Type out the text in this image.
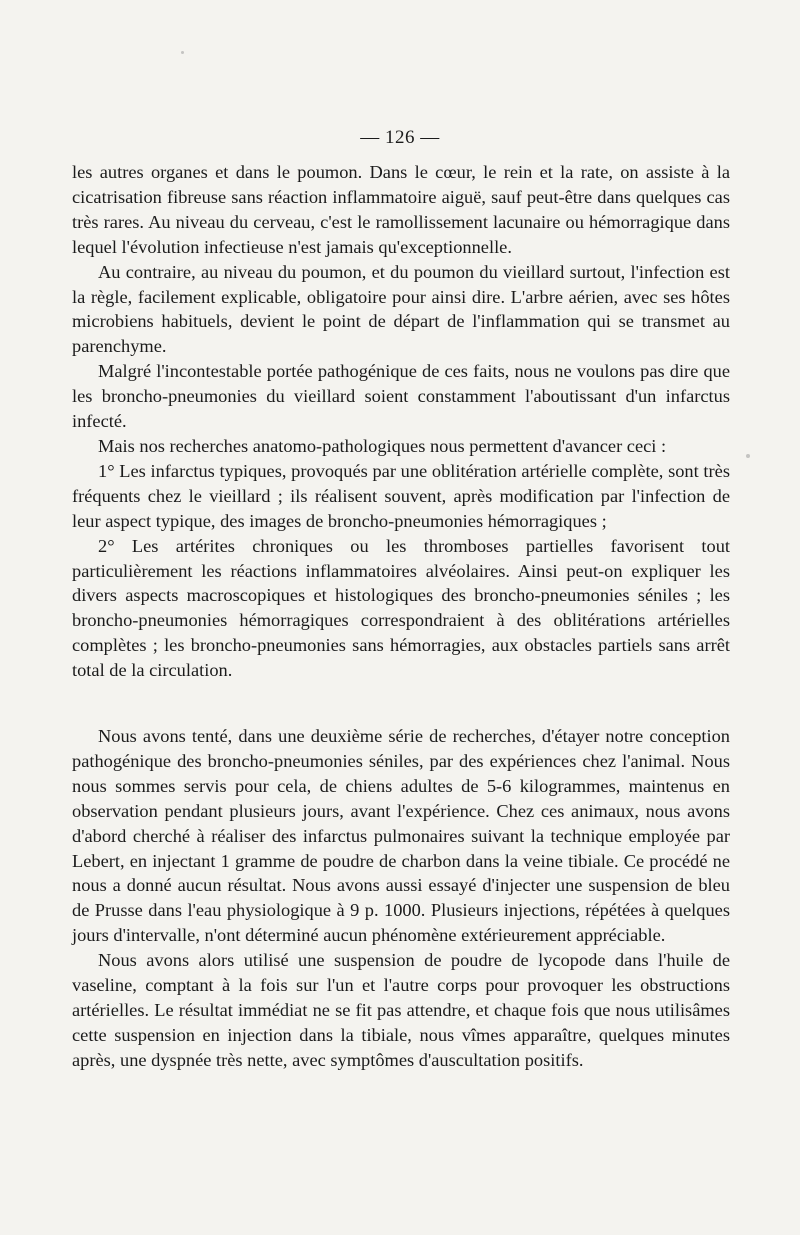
— 126 —

les autres organes et dans le poumon. Dans le cœur, le rein et la rate, on assiste à la cicatrisation fibreuse sans réaction inflammatoire aiguë, sauf peut-être dans quelques cas très rares. Au niveau du cerveau, c'est le ramollissement lacunaire ou hémorragique dans lequel l'évolution infectieuse n'est jamais qu'exceptionnelle.

Au contraire, au niveau du poumon, et du poumon du vieillard surtout, l'infection est la règle, facilement explicable, obligatoire pour ainsi dire. L'arbre aérien, avec ses hôtes microbiens habituels, devient le point de départ de l'inflammation qui se transmet au parenchyme.

Malgré l'incontestable portée pathogénique de ces faits, nous ne voulons pas dire que les broncho-pneumonies du vieillard soient constamment l'aboutissant d'un infarctus infecté.

Mais nos recherches anatomo-pathologiques nous permettent d'avancer ceci :

1° Les infarctus typiques, provoqués par une oblitération artérielle complète, sont très fréquents chez le vieillard ; ils réalisent souvent, après modification par l'infection de leur aspect typique, des images de broncho-pneumonies hémorragiques ;

2° Les artérites chroniques ou les thromboses partielles favorisent tout particulièrement les réactions inflammatoires alvéolaires. Ainsi peut-on expliquer les divers aspects macroscopiques et histologiques des broncho-pneumonies séniles ; les broncho-pneumonies hémorragiques correspondraient à des oblitérations artérielles complètes ; les broncho-pneumonies sans hémorragies, aux obstacles partiels sans arrêt total de la circulation.

Nous avons tenté, dans une deuxième série de recherches, d'étayer notre conception pathogénique des broncho-pneumonies séniles, par des expériences chez l'animal. Nous nous sommes servis pour cela, de chiens adultes de 5-6 kilogrammes, maintenus en observation pendant plusieurs jours, avant l'expérience. Chez ces animaux, nous avons d'abord cherché à réaliser des infarctus pulmonaires suivant la technique employée par Lebert, en injectant 1 gramme de poudre de charbon dans la veine tibiale. Ce procédé ne nous a donné aucun résultat. Nous avons aussi essayé d'injecter une suspension de bleu de Prusse dans l'eau physiologique à 9 p. 1000. Plusieurs injections, répétées à quelques jours d'intervalle, n'ont déterminé aucun phénomène extérieurement appréciable.

Nous avons alors utilisé une suspension de poudre de lycopode dans l'huile de vaseline, comptant à la fois sur l'un et l'autre corps pour provoquer les obstructions artérielles. Le résultat immédiat ne se fit pas attendre, et chaque fois que nous utilisâmes cette suspension en injection dans la tibiale, nous vîmes apparaître, quelques minutes après, une dyspnée très nette, avec symptômes d'auscultation positifs.
